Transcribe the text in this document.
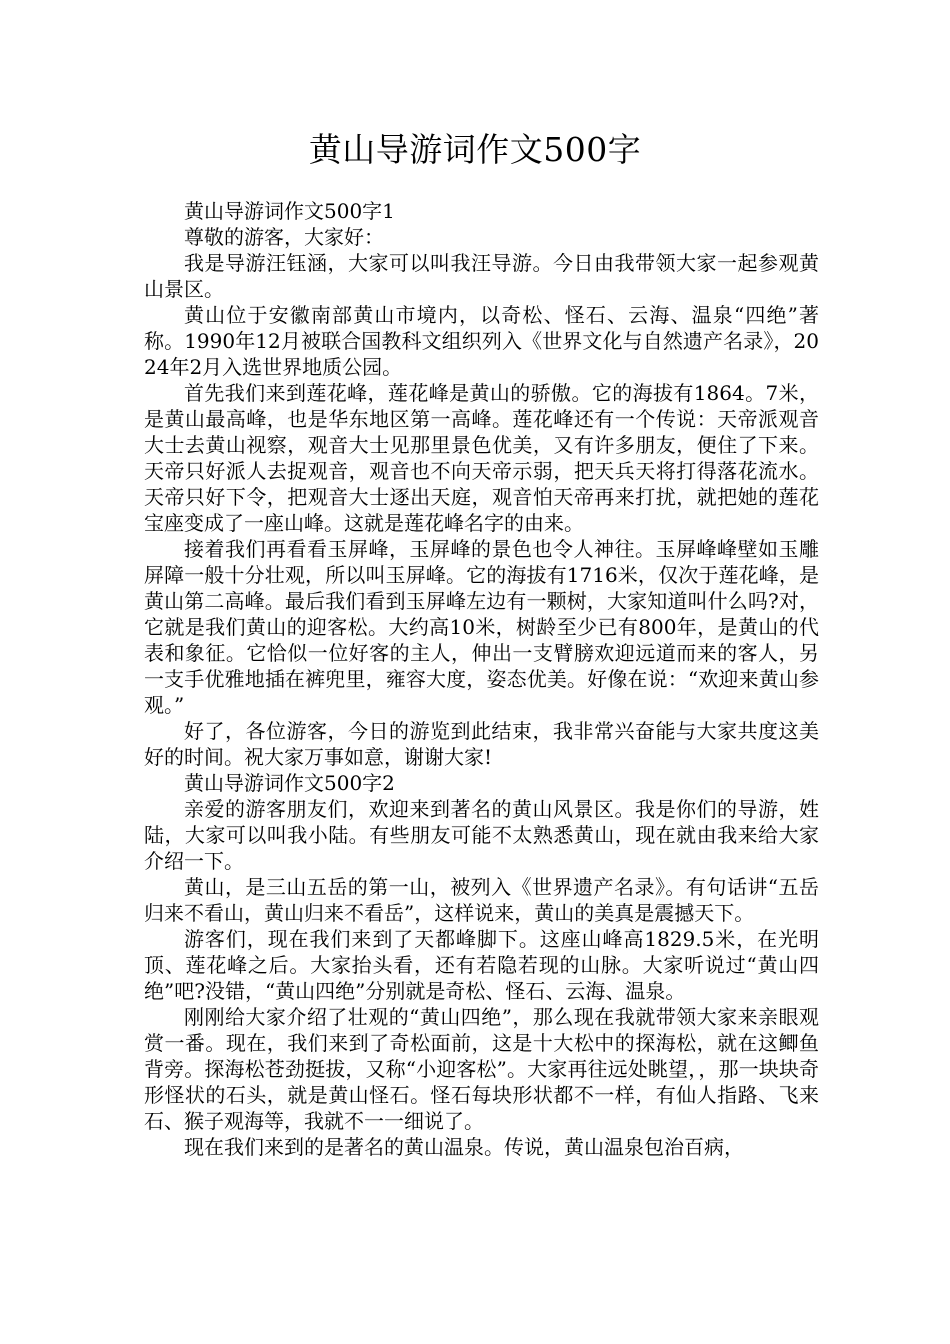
黄山导游词作文500字

黄山导游词作文500字1

尊敬的游客，大家好：

我是导游汪钰涵，大家可以叫我汪导游。今日由我带领大家一起参观黄山景区。

黄山位于安徽南部黄山市境内，以奇松、怪石、云海、温泉“四绝”著称。1990年12月被联合国教科文组织列入《世界文化与自然遗产名录》，2024年2月入选世界地质公园。

首先我们来到莲花峰，莲花峰是黄山的骄傲。它的海拔有1864。7米，是黄山最高峰，也是华东地区第一高峰。莲花峰还有一个传说：天帝派观音大士去黄山视察，观音大士见那里景色优美，又有许多朋友，便住了下来。天帝只好派人去捉观音，观音也不向天帝示弱，把天兵天将打得落花流水。天帝只好下令，把观音大士逐出天庭，观音怕天帝再来打扰，就把她的莲花宝座变成了一座山峰。这就是莲花峰名字的由来。

接着我们再看看玉屏峰，玉屏峰的景色也令人神往。玉屏峰峰壁如玉雕屏障一般十分壮观，所以叫玉屏峰。它的海拔有1716米，仅次于莲花峰，是黄山第二高峰。最后我们看到玉屏峰左边有一颗树，大家知道叫什么吗?对，它就是我们黄山的迎客松。大约高10米，树龄至少已有800年，是黄山的代表和象征。它恰似一位好客的主人，伸出一支臂膀欢迎远道而来的客人，另一支手优雅地插在裤兜里，雍容大度，姿态优美。好像在说：“欢迎来黄山参观。”

好了，各位游客，今日的游览到此结束，我非常兴奋能与大家共度这美好的时间。祝大家万事如意，谢谢大家!

黄山导游词作文500字2

亲爱的游客朋友们，欢迎来到著名的黄山风景区。我是你们的导游，姓陆，大家可以叫我小陆。有些朋友可能不太熟悉黄山，现在就由我来给大家介绍一下。

黄山，是三山五岳的第一山，被列入《世界遗产名录》。有句话讲“五岳归来不看山，黄山归来不看岳”，这样说来，黄山的美真是震撼天下。

游客们，现在我们来到了天都峰脚下。这座山峰高1829.5米，在光明顶、莲花峰之后。大家抬头看，还有若隐若现的山脉。大家听说过“黄山四绝”吧?没错，“黄山四绝”分别就是奇松、怪石、云海、温泉。

刚刚给大家介绍了壮观的“黄山四绝”，那么现在我就带领大家来亲眼观赏一番。现在，我们来到了奇松面前，这是十大松中的探海松，就在这鲫鱼背旁。探海松苍劲挺拔，又称“小迎客松”。大家再往远处眺望，，那一块块奇形怪状的石头，就是黄山怪石。怪石每块形状都不一样，有仙人指路、飞来石、猴子观海等，我就不一一细说了。

现在我们来到的是著名的黄山温泉。传说，黄山温泉包治百病，
